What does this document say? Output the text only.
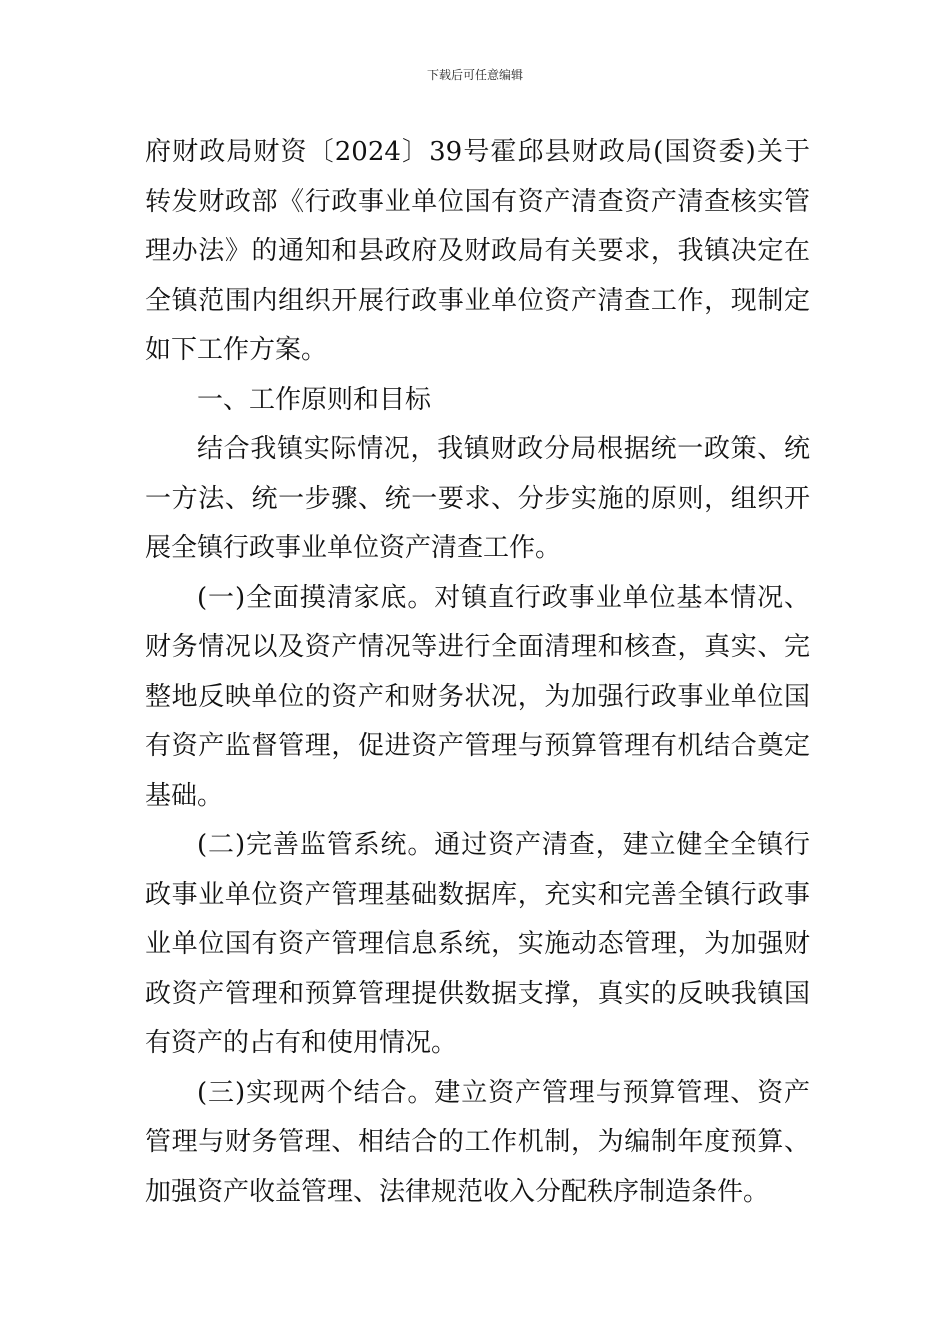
下载后可任意编辑

府财政局财资〔2024〕39号霍邱县财政局(国资委)关于转发财政部《行政事业单位国有资产清查资产清查核实管理办法》的通知和县政府及财政局有关要求，我镇决定在全镇范围内组织开展行政事业单位资产清查工作，现制定如下工作方案。

一、工作原则和目标

结合我镇实际情况，我镇财政分局根据统一政策、统一方法、统一步骤、统一要求、分步实施的原则，组织开展全镇行政事业单位资产清查工作。

(一)全面摸清家底。对镇直行政事业单位基本情况、财务情况以及资产情况等进行全面清理和核查，真实、完整地反映单位的资产和财务状况，为加强行政事业单位国有资产监督管理，促进资产管理与预算管理有机结合奠定基础。

(二)完善监管系统。通过资产清查，建立健全全镇行政事业单位资产管理基础数据库，充实和完善全镇行政事业单位国有资产管理信息系统，实施动态管理，为加强财政资产管理和预算管理提供数据支撑，真实的反映我镇国有资产的占有和使用情况。

(三)实现两个结合。建立资产管理与预算管理、资产管理与财务管理、相结合的工作机制，为编制年度预算、加强资产收益管理、法律规范收入分配秩序制造条件。
